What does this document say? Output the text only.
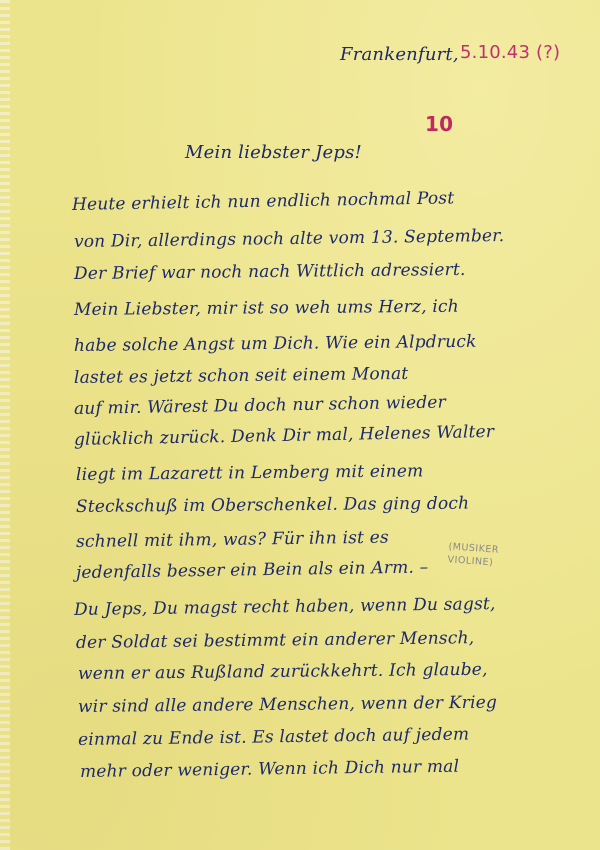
Frankenfurt, 5.10.43 (?)
10
Mein liebster Jeps!
Heute erhielt ich nun endlich nochmal Post
von Dir, allerdings noch alte vom 13. September.
Der Brief war noch nach Wittlich adressiert.
Mein Liebster, mir ist so weh ums Herz, ich
habe solche Angst um Dich. Wie ein Alpdruck
lastet es jetzt schon seit einem Monat
auf mir. Wärest Du doch nur schon wieder
glücklich zurück. Denk Dir mal, Helenes Walter
liegt im Lazarett in Lemberg mit einem
Steckschuß im Oberschenkel. Das ging doch
schnell mit ihm, was? Für ihn ist es
jedenfalls besser ein Bein als ein Arm. –
Du Jeps, Du magst recht haben, wenn Du sagst,
der Soldat sei bestimmt ein anderer Mensch,
wenn er aus Rußland zurückkehrt. Ich glaube,
wir sind alle andere Menschen, wenn der Krieg
einmal zu Ende ist. Es lastet doch auf jedem
mehr oder weniger. Wenn ich Dich nur mal
(MUSIKER
VIOLINE)
